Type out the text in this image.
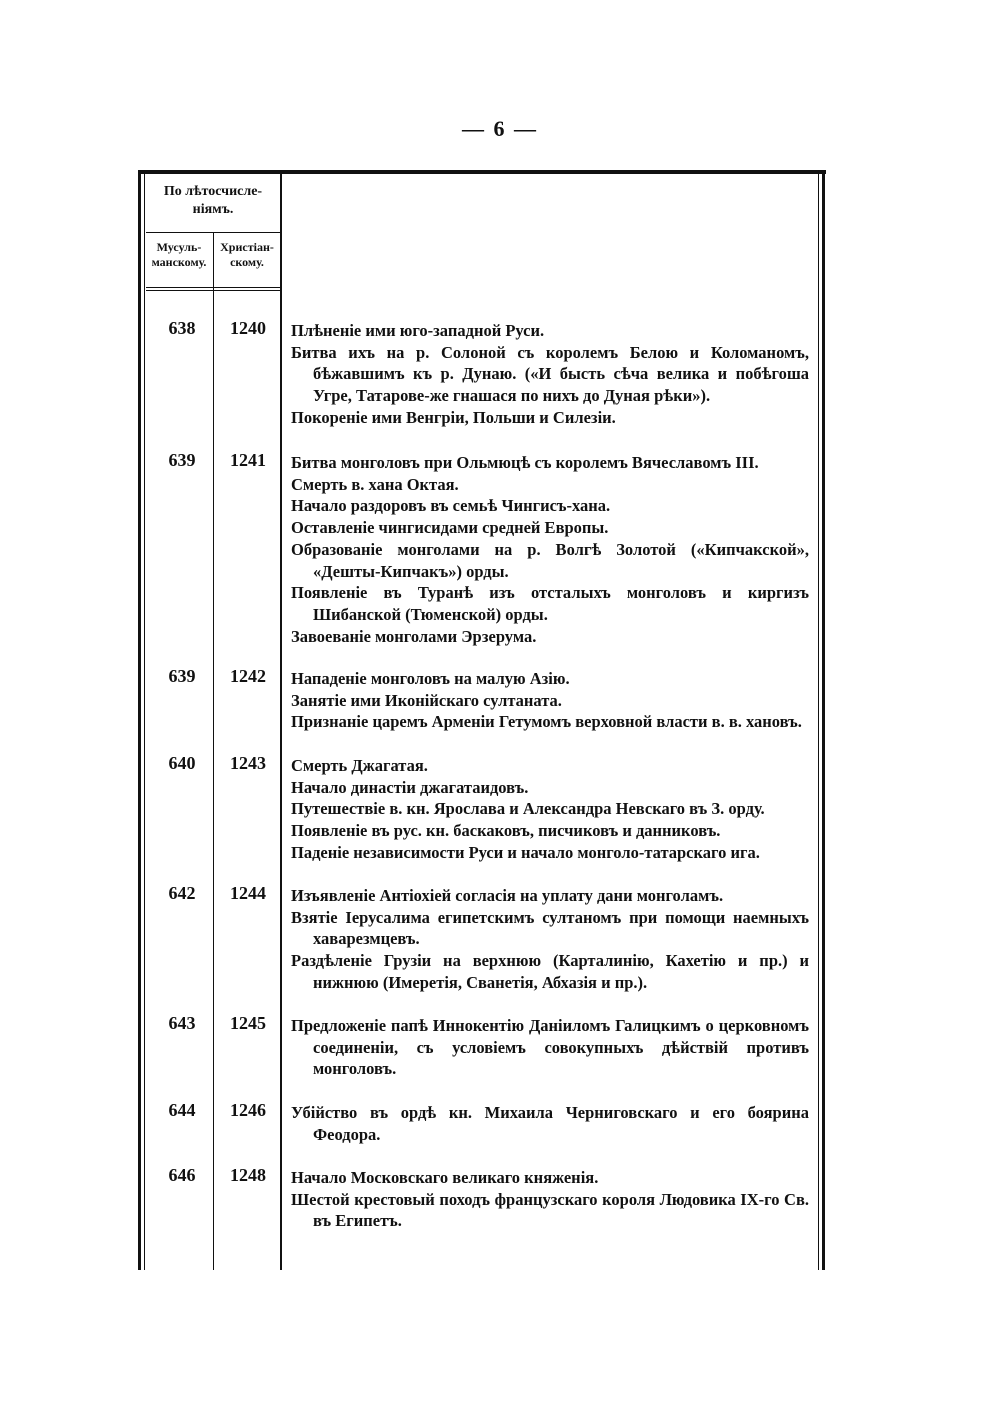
— 6 —
По лѣтосчисле-ніямъ.
Мусуль-манскому.
Христіан-скому.
638	1240	Плѣненіе ими юго-западной Руси.

Битва ихъ на р. Солоной съ королемъ Белою и Коломаномъ, бѣжавшимъ къ р. Дунаю. («И бысть сѣча велика и побѣгоша Угре, Татарове-же гнашася по нихъ до Дуная рѣки»).

Покореніе ими Венгріи, Польши и Силезіи.

639	1241	Битва монголовъ при Ольмюцѣ съ королемъ Вячеславомъ III.

Смерть в. хана Октая.

Начало раздоровъ въ семьѣ Чингисъ-хана.

Оставленіе чингисидами средней Европы.

Образованіе монголами на р. Волгѣ Золотой («Кипчакской», «Дешты-Кипчакъ») орды.

Появленіе въ Туранѣ изъ отсталыхъ монголовъ и киргизъ Шибанской (Тюменской) орды.

Завоеваніе монголами Эрзерума.

639	1242	Нападеніе монголовъ на малую Азію.

Занятіе ими Иконійскаго султаната.

Признаніе царемъ Арменіи Гетумомъ верховной власти в. в. хановъ.

640	1243	Смерть Джагатая.

Начало династіи джагатаидовъ.

Путешествіе в. кн. Ярослава и Александра Невскаго въ З. орду.

Появленіе въ рус. кн. баскаковъ, писчиковъ и данниковъ.

Паденіе независимости Руси и начало монголо-татарскаго ига.

642	1244	Изъявленіе Антіохіей согласія на уплату дани монголамъ.

Взятіе Іерусалима египетскимъ султаномъ при помощи наемныхъ хаварезмцевъ.

Раздѣленіе Грузіи на верхнюю (Карталинію, Кахетію и пр.) и нижнюю (Имеретія, Сванетія, Абхазія и пр.).

643	1245	Предложеніе папѣ Иннокентію Даніиломъ Галицкимъ о церковномъ соединеніи, съ условіемъ совокупныхъ дѣйствій противъ монголовъ.

644	1246	Убійство въ ордѣ кн. Михаила Черниговскаго и его боярина Феодора.

646	1248	Начало Московскаго великаго княженія.

Шестой крестовый походъ французскаго короля Людовика IX-го Св. въ Египетъ.
